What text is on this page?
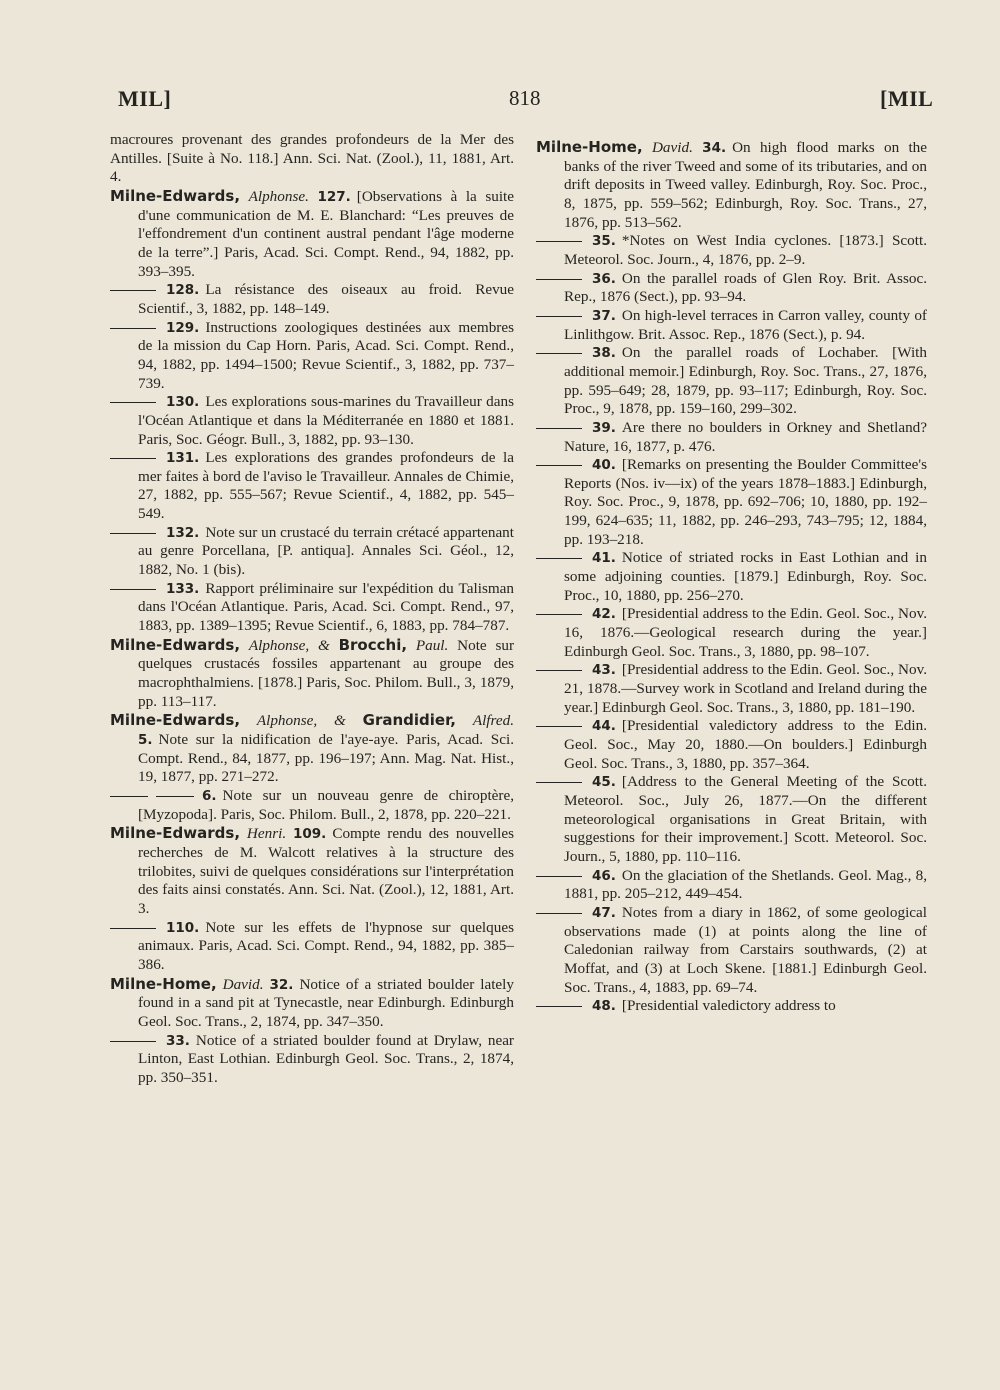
MIL]	818	[MIL

macroures provenant des grandes profondeurs de la Mer des Antilles. [Suite à No. 118.] Ann. Sci. Nat. (Zool.), 11, 1881, Art. 4.

Milne-Edwards, Alphonse. 127. [Observations à la suite d'une communication de M. E. Blanchard: “Les preuves de l'effondrement d'un continent austral pendant l'âge moderne de la terre”.] Paris, Acad. Sci. Compt. Rend., 94, 1882, pp. 393–395.

128. La résistance des oiseaux au froid. Revue Scientif., 3, 1882, pp. 148–149.

129. Instructions zoologiques destinées aux membres de la mission du Cap Horn. Paris, Acad. Sci. Compt. Rend., 94, 1882, pp. 1494–1500; Revue Scientif., 3, 1882, pp. 737–739.

130. Les explorations sous-marines du Travailleur dans l'Océan Atlantique et dans la Méditerranée en 1880 et 1881. Paris, Soc. Géogr. Bull., 3, 1882, pp. 93–130.

131. Les explorations des grandes profondeurs de la mer faites à bord de l'aviso le Travailleur. Annales de Chimie, 27, 1882, pp. 555–567; Revue Scientif., 4, 1882, pp. 545–549.

132. Note sur un crustacé du terrain crétacé appartenant au genre Porcellana, [P. antiqua]. Annales Sci. Géol., 12, 1882, No. 1 (bis).

133. Rapport préliminaire sur l'expédition du Talisman dans l'Océan Atlantique. Paris, Acad. Sci. Compt. Rend., 97, 1883, pp. 1389–1395; Revue Scientif., 6, 1883, pp. 784–787.

Milne-Edwards, Alphonse, & Brocchi, Paul. Note sur quelques crustacés fossiles appartenant au groupe des macrophthalmiens. [1878.] Paris, Soc. Philom. Bull., 3, 1879, pp. 113–117.

Milne-Edwards, Alphonse, & Grandidier, Alfred. 5. Note sur la nidification de l'aye-aye. Paris, Acad. Sci. Compt. Rend., 84, 1877, pp. 196–197; Ann. Mag. Nat. Hist., 19, 1877, pp. 271–272.

6. Note sur un nouveau genre de chiroptère, [Myzopoda]. Paris, Soc. Philom. Bull., 2, 1878, pp. 220–221.

Milne-Edwards, Henri. 109. Compte rendu des nouvelles recherches de M. Walcott relatives à la structure des trilobites, suivi de quelques considérations sur l'interprétation des faits ainsi constatés. Ann. Sci. Nat. (Zool.), 12, 1881, Art. 3.

110. Note sur les effets de l'hypnose sur quelques animaux. Paris, Acad. Sci. Compt. Rend., 94, 1882, pp. 385–386.

Milne-Home, David. 32. Notice of a striated boulder lately found in a sand pit at Tynecastle, near Edinburgh. Edinburgh Geol. Soc. Trans., 2, 1874, pp. 347–350.

33. Notice of a striated boulder found at Drylaw, near Linton, East Lothian. Edinburgh Geol. Soc. Trans., 2, 1874, pp. 350–351.

Milne-Home, David. 34. On high flood marks on the banks of the river Tweed and some of its tributaries, and on drift deposits in Tweed valley. Edinburgh, Roy. Soc. Proc., 8, 1875, pp. 559–562; Edinburgh, Roy. Soc. Trans., 27, 1876, pp. 513–562.

35. *Notes on West India cyclones. [1873.] Scott. Meteorol. Soc. Journ., 4, 1876, pp. 2–9.

36. On the parallel roads of Glen Roy. Brit. Assoc. Rep., 1876 (Sect.), pp. 93–94.

37. On high-level terraces in Carron valley, county of Linlithgow. Brit. Assoc. Rep., 1876 (Sect.), p. 94.

38. On the parallel roads of Lochaber. [With additional memoir.] Edinburgh, Roy. Soc. Trans., 27, 1876, pp. 595–649; 28, 1879, pp. 93–117; Edinburgh, Roy. Soc. Proc., 9, 1878, pp. 159–160, 299–302.

39. Are there no boulders in Orkney and Shetland? Nature, 16, 1877, p. 476.

40. [Remarks on presenting the Boulder Committee's Reports (Nos. iv—ix) of the years 1878–1883.] Edinburgh, Roy. Soc. Proc., 9, 1878, pp. 692–706; 10, 1880, pp. 192–199, 624–635; 11, 1882, pp. 246–293, 743–795; 12, 1884, pp. 193–218.

41. Notice of striated rocks in East Lothian and in some adjoining counties. [1879.] Edinburgh, Roy. Soc. Proc., 10, 1880, pp. 256–270.

42. [Presidential address to the Edin. Geol. Soc., Nov. 16, 1876.—Geological research during the year.] Edinburgh Geol. Soc. Trans., 3, 1880, pp. 98–107.

43. [Presidential address to the Edin. Geol. Soc., Nov. 21, 1878.—Survey work in Scotland and Ireland during the year.] Edinburgh Geol. Soc. Trans., 3, 1880, pp. 181–190.

44. [Presidential valedictory address to the Edin. Geol. Soc., May 20, 1880.—On boulders.] Edinburgh Geol. Soc. Trans., 3, 1880, pp. 357–364.

45. [Address to the General Meeting of the Scott. Meteorol. Soc., July 26, 1877.—On the different meteorological organisations in Great Britain, with suggestions for their improvement.] Scott. Meteorol. Soc. Journ., 5, 1880, pp. 110–116.

46. On the glaciation of the Shetlands. Geol. Mag., 8, 1881, pp. 205–212, 449–454.

47. Notes from a diary in 1862, of some geological observations made (1) at points along the line of Caledonian railway from Carstairs southwards, (2) at Moffat, and (3) at Loch Skene. [1881.] Edinburgh Geol. Soc. Trans., 4, 1883, pp. 69–74.

48. [Presidential valedictory address to
